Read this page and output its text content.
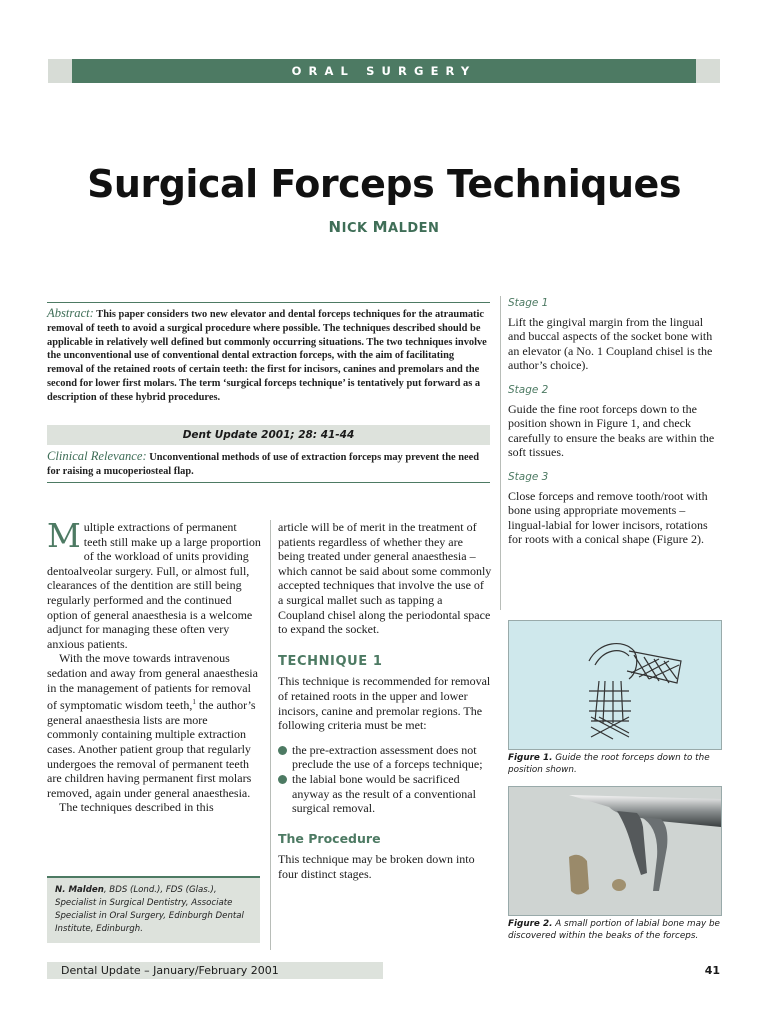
ORAL SURGERY
Surgical Forceps Techniques
NICK MALDEN
Abstract: This paper considers two new elevator and dental forceps techniques for the atraumatic removal of teeth to avoid a surgical procedure where possible. The techniques described should be applicable in relatively well defined but commonly occurring situations. The two techniques involve the unconventional use of conventional dental extraction forceps, with the aim of facilitating removal of the retained roots of certain teeth: the first for incisors, canines and premolars and the second for lower first molars. The term ‘surgical forceps technique’ is tentatively put forward as a description of these hybrid procedures.
Dent Update 2001; 28: 41-44
Clinical Relevance: Unconventional methods of use of extraction forceps may prevent the need for raising a mucoperiosteal flap.

Multiple extractions of permanent teeth still make up a large proportion of the workload of units providing dentoalveolar surgery. Full, or almost full, clearances of the dentition are still being regularly performed and the continued option of general anaesthesia is a welcome adjunct for managing these often very anxious patients.

With the move towards intravenous sedation and away from general anaesthesia in the management of patients for removal of symptomatic wisdom teeth,$^1$ the author’s general anaesthesia lists are more commonly containing multiple extraction cases. Another patient group that regularly undergoes the removal of permanent teeth are children having permanent first molars removed, again under general anaesthesia.

The techniques described in this

N. Malden, BDS (Lond.), FDS (Glas.), Specialist in Surgical Dentistry, Associate Specialist in Oral Surgery, Edinburgh Dental Institute, Edinburgh.

article will be of merit in the treatment of patients regardless of whether they are being treated under general anaesthesia – which cannot be said about some commonly accepted techniques that involve the use of a surgical mallet such as tapping a Coupland chisel along the periodontal space to expand the socket.

TECHNIQUE 1

This technique is recommended for removal of retained roots in the upper and lower incisors, canine and premolar regions. The following criteria must be met:

the pre-extraction assessment does not preclude the use of a forceps technique;

the labial bone would be sacrificed anyway as the result of a conventional surgical removal.

The Procedure

This technique may be broken down into four distinct stages.

Stage 1

Lift the gingival margin from the lingual and buccal aspects of the socket bone with an elevator (a No. 1 Coupland chisel is the author’s choice).

Stage 2

Guide the fine root forceps down to the position shown in Figure 1, and check carefully to ensure the beaks are within the soft tissues.

Stage 3

Close forceps and remove tooth/root with bone using appropriate movements – lingual-labial for lower incisors, rotations for roots with a conical shape (Figure 2).

Figure 1. Guide the root forceps down to the position shown.
Figure 2. A small portion of labial bone may be discovered within the beaks of the forceps.
Dental Update – January/February 2001	41
